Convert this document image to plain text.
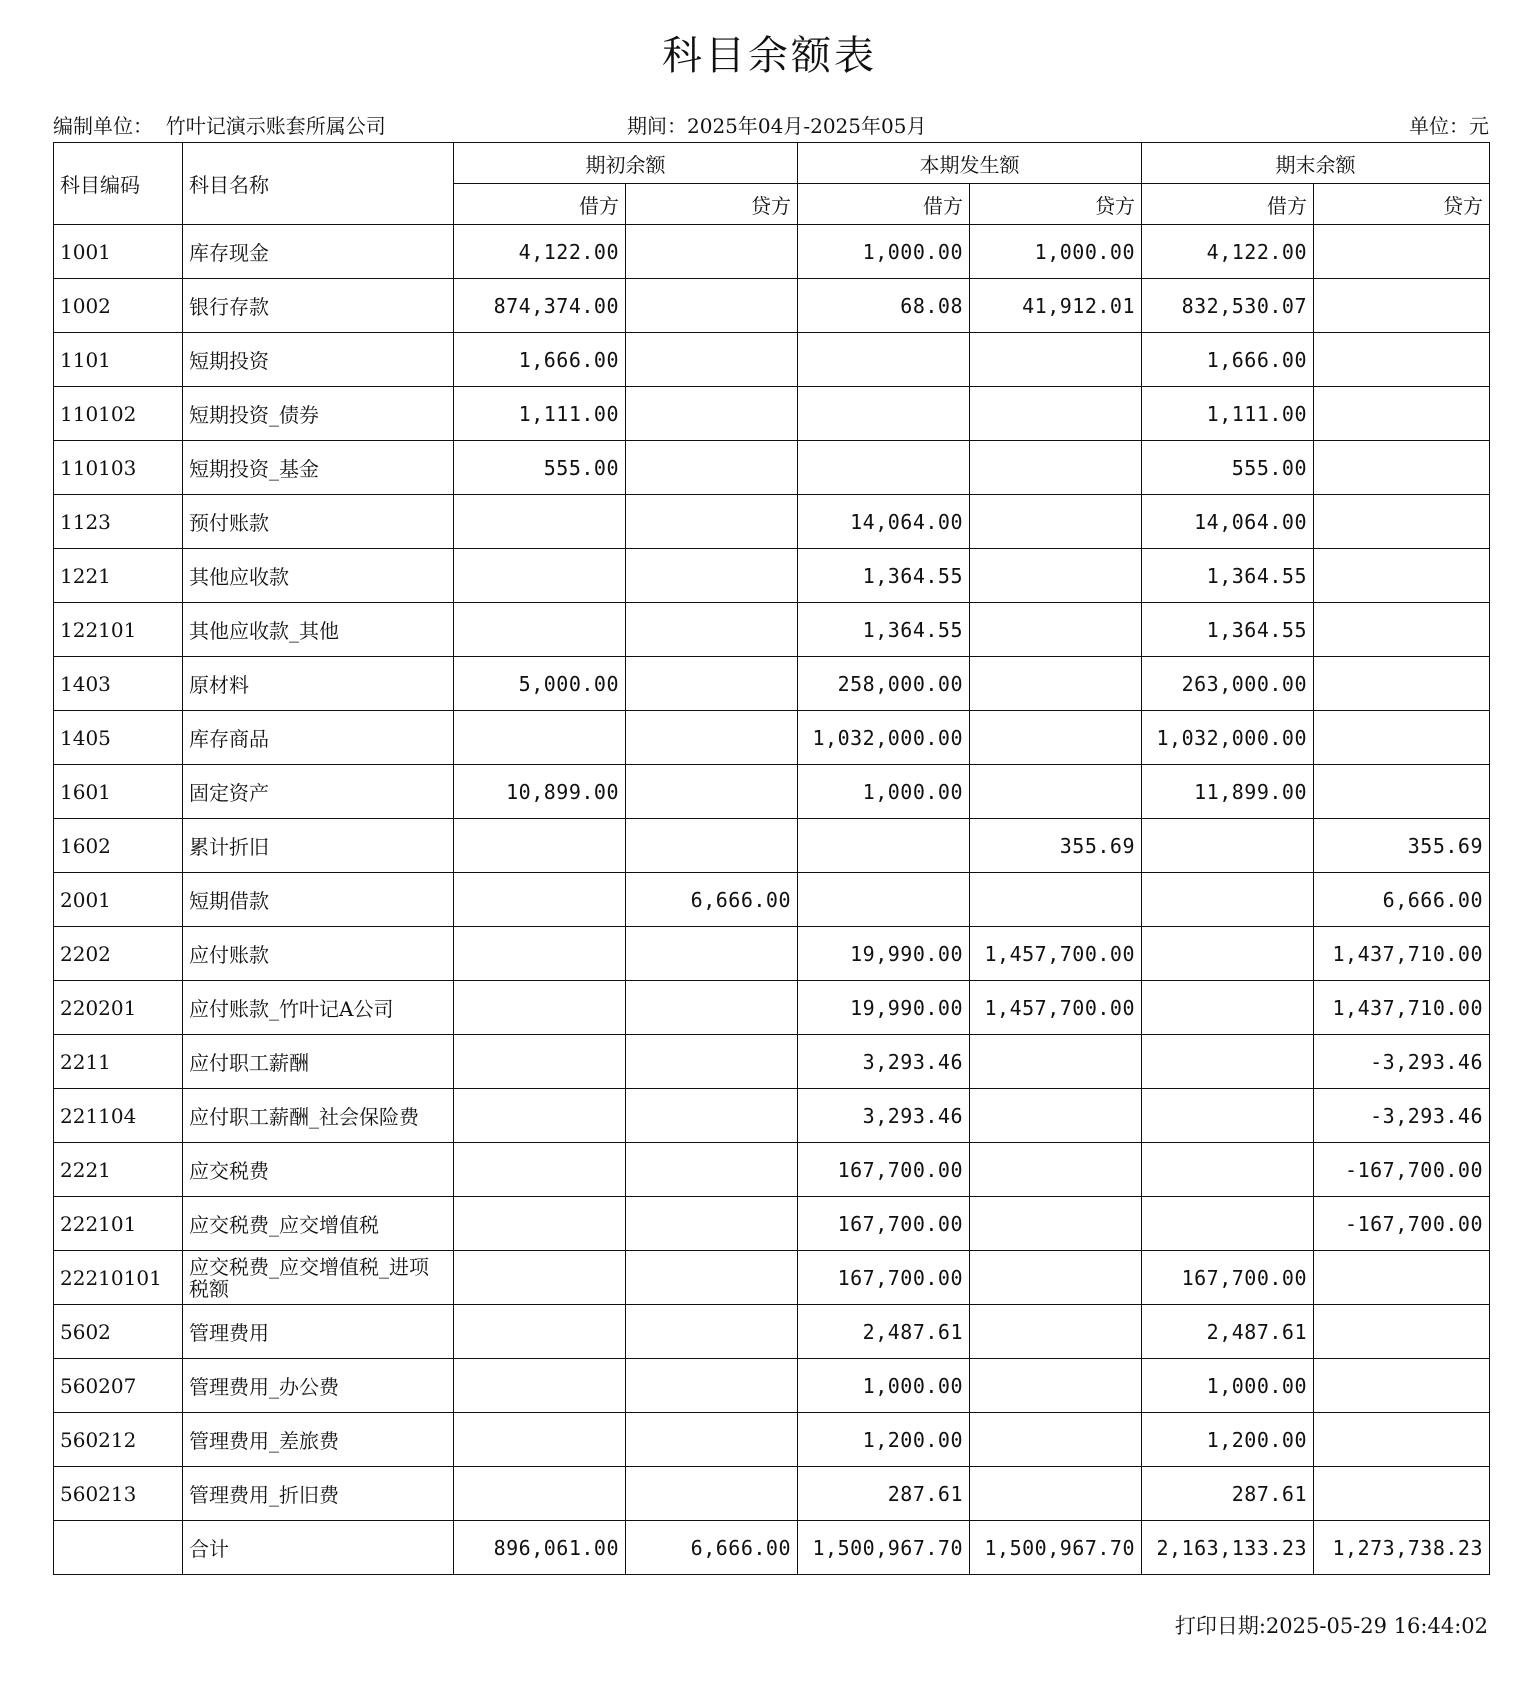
科目余额表
编制单位： 竹叶记演示账套所属公司	期间：2025年04月-2025年05月	单位：元
科目编码	科目名称	期初余额		本期发生额		期末余额	
		借方	贷方	借方	贷方	借方	贷方
1001	库存现金	4,122.00		1,000.00	1,000.00	4,122.00	
1002	银行存款	874,374.00		68.08	41,912.01	832,530.07	
1101	短期投资	1,666.00				1,666.00	
110102	短期投资_债券	1,111.00				1,111.00	
110103	短期投资_基金	555.00				555.00	
1123	预付账款			14,064.00		14,064.00	
1221	其他应收款			1,364.55		1,364.55	
122101	其他应收款_其他			1,364.55		1,364.55	
1403	原材料	5,000.00		258,000.00		263,000.00	
1405	库存商品			1,032,000.00		1,032,000.00	
1601	固定资产	10,899.00		1,000.00		11,899.00	
1602	累计折旧				355.69		355.69
2001	短期借款		6,666.00				6,666.00
2202	应付账款			19,990.00	1,457,700.00		1,437,710.00
220201	应付账款_竹叶记A公司			19,990.00	1,457,700.00		1,437,710.00
2211	应付职工薪酬			3,293.46			-3,293.46
221104	应付职工薪酬_社会保险费			3,293.46			-3,293.46
2221	应交税费			167,700.00			-167,700.00
222101	应交税费_应交增值税			167,700.00			-167,700.00
22210101	应交税费_应交增值税_进项税额			167,700.00		167,700.00	
5602	管理费用			2,487.61		2,487.61	
560207	管理费用_办公费			1,000.00		1,000.00	
560212	管理费用_差旅费			1,200.00		1,200.00	
560213	管理费用_折旧费			287.61		287.61	
	合计	896,061.00	6,666.00	1,500,967.70	1,500,967.70	2,163,133.23	1,273,738.23
打印日期:2025-05-29 16:44:02
